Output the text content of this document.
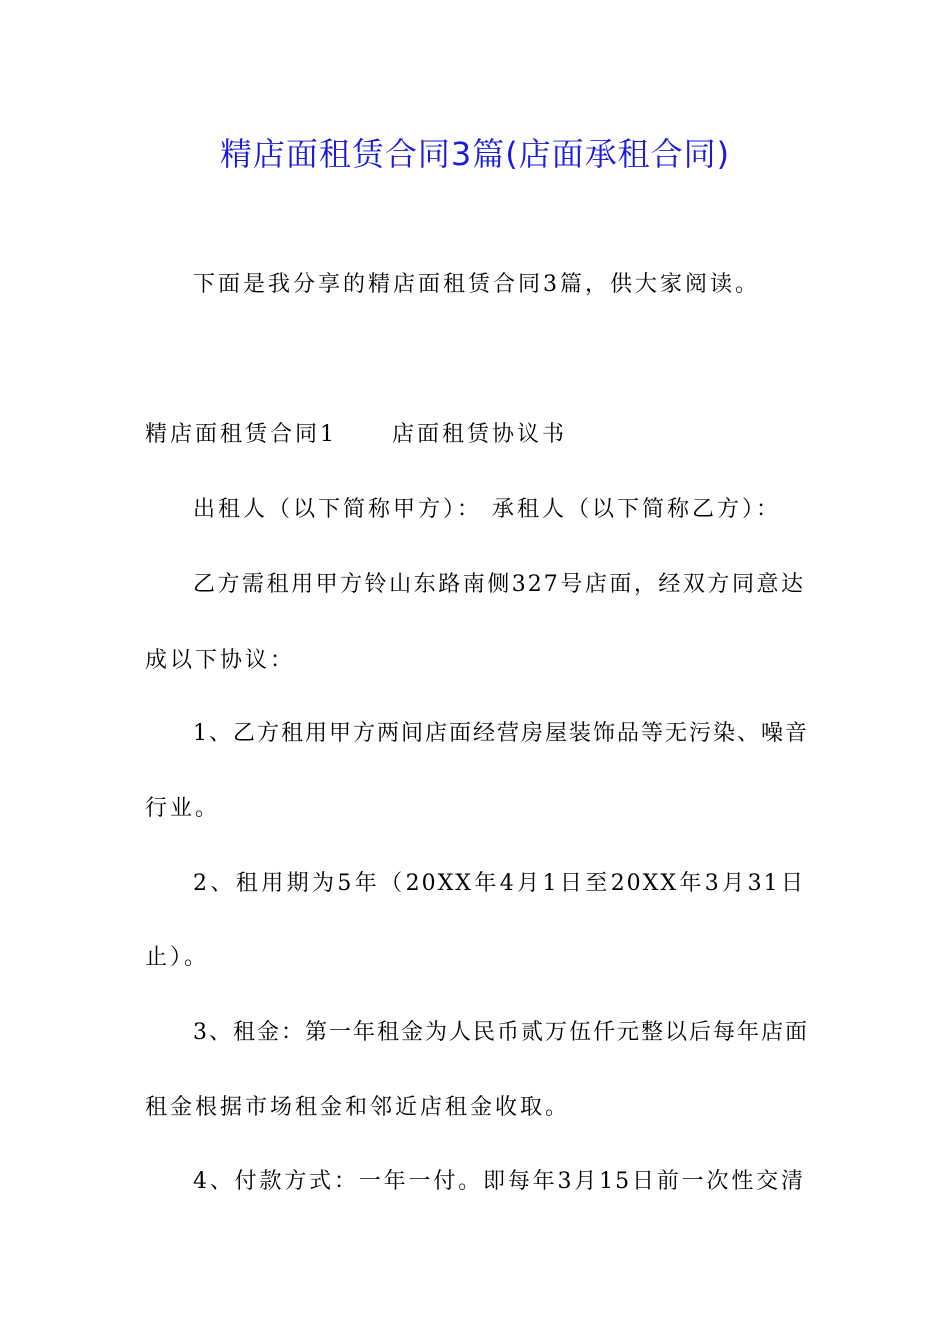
精店面租赁合同3篇(店面承租合同)
下面是我分享的精店面租赁合同3篇，供大家阅读。
精店面租赁合同1	店面租赁协议书
出租人（以下简称甲方）： 承租人（以下简称乙方）：
乙方需租用甲方铃山东路南侧327号店面，经双方同意达
成以下协议：
1、乙方租用甲方两间店面经营房屋装饰品等无污染、噪音
行业。
2、租用期为5年（20XX年4月1日至20XX年3月31日
止）。
3、租金：第一年租金为人民币贰万伍仟元整以后每年店面
租金根据市场租金和邻近店租金收取。
4、付款方式：一年一付。即每年3月15日前一次性交清
